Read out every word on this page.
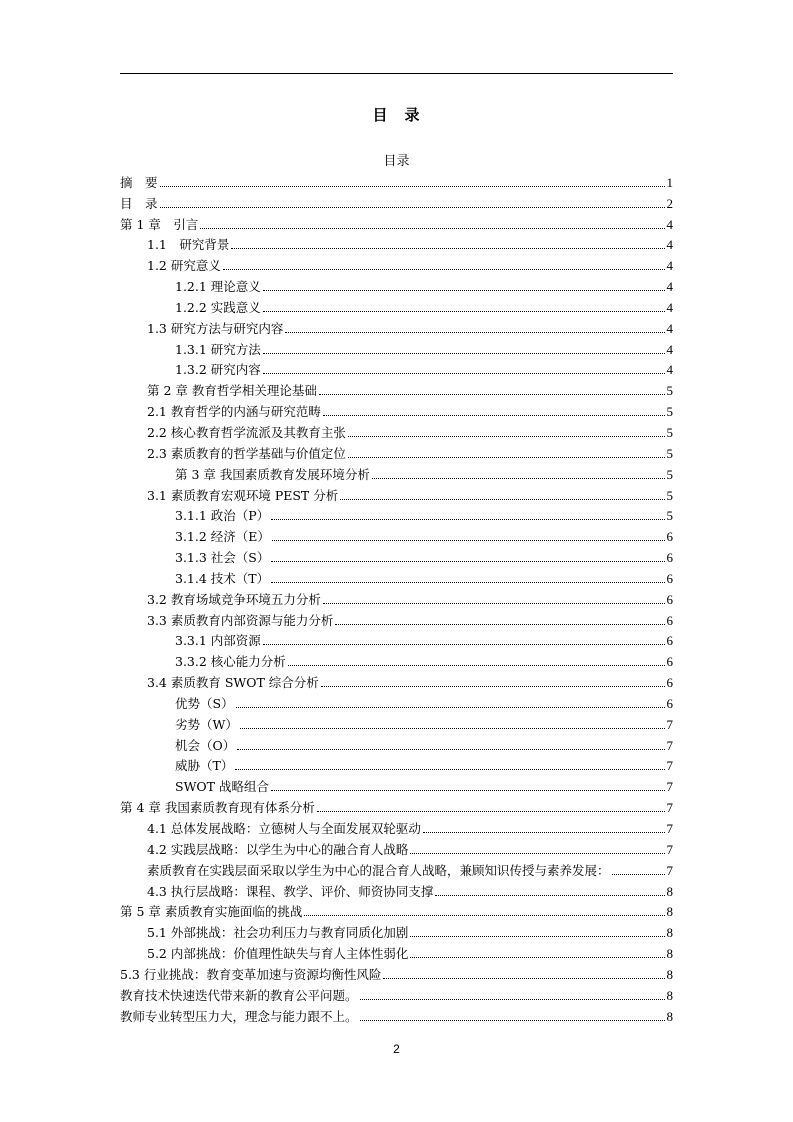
目　录
目录
摘　要	1
目　录	2
第 1 章　引言	4
1.1　研究背景	4
1.2 研究意义	4
1.2.1 理论意义	4
1.2.2 实践意义	4
1.3 研究方法与研究内容	4
1.3.1 研究方法	4
1.3.2 研究内容	4
第 2 章 教育哲学相关理论基础	5
2.1 教育哲学的内涵与研究范畴	5
2.2 核心教育哲学流派及其教育主张	5
2.3 素质教育的哲学基础与价值定位	5
第 3 章 我国素质教育发展环境分析	5
3.1 素质教育宏观环境 PEST 分析	5
3.1.1 政治（P）	5
3.1.2 经济（E）	6
3.1.3 社会（S）	6
3.1.4 技术（T）	6
3.2 教育场域竞争环境五力分析	6
3.3 素质教育内部资源与能力分析	6
3.3.1 内部资源	6
3.3.2 核心能力分析	6
3.4 素质教育 SWOT 综合分析	6
优势（S）	6
劣势（W）	7
机会（O）	7
威胁（T）	7
SWOT 战略组合	7
第 4 章 我国素质教育现有体系分析	7
4.1 总体发展战略：立德树人与全面发展双轮驱动	7
4.2 实践层战略：以学生为中心的融合育人战略	7
素质教育在实践层面采取以学生为中心的混合育人战略，兼顾知识传授与素养发展：	7
4.3 执行层战略：课程、教学、评价、师资协同支撑	8
第 5 章 素质教育实施面临的挑战	8
5.1 外部挑战：社会功利压力与教育同质化加剧	8
5.2 内部挑战：价值理性缺失与育人主体性弱化	8
5.3 行业挑战：教育变革加速与资源均衡性风险	8
教育技术快速迭代带来新的教育公平问题。	8
教师专业转型压力大，理念与能力跟不上。	8
2
